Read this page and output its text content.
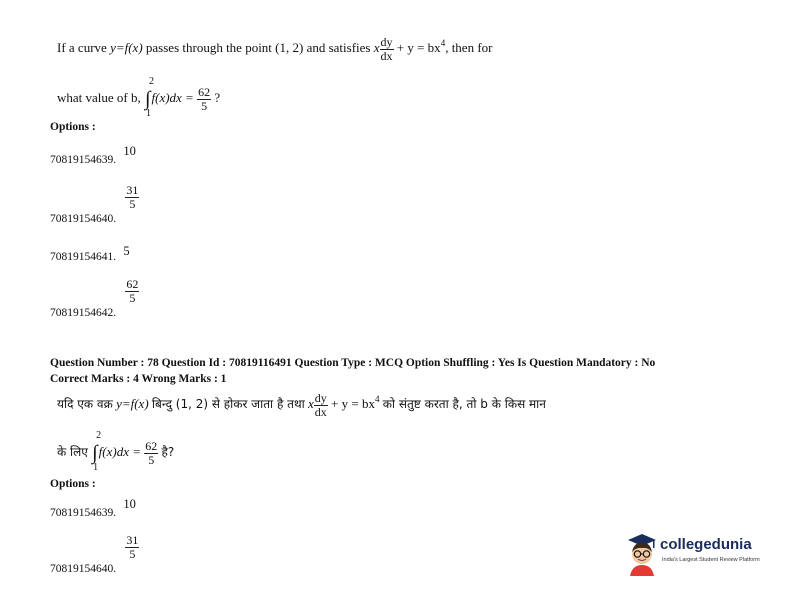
If a curve y=f(x) passes through the point (1, 2) and satisfies x $\frac{dy}{dx} + y = bx^4$, then for
what value of b, ∫
2
1
$f(x)dx = \frac{62}{5}$ ?
Options :
70819154639. 10
70819154640.
$\frac{31}{5}$
70819154641. 5
70819154642.
$\frac{62}{5}$
Question Number : 78 Question Id : 70819116491 Question Type : MCQ Option Shuffling : Yes Is Question Mandatory : No
Correct Marks : 4 Wrong Marks : 1
यदि एक वक्र y=f(x) बिन्दु (1, 2) से होकर जाता है तथा x $\frac{dy}{dx} + y = bx^4$ को संतुष्ट करता है, तो b के किस मान
के लिए ∫
2
1
$f(x)dx = \frac{62}{5}$ है?
Options :
70819154639. 10
70819154640.
$\frac{31}{5}$	collegedunia
India's Largest Student Review Platform
